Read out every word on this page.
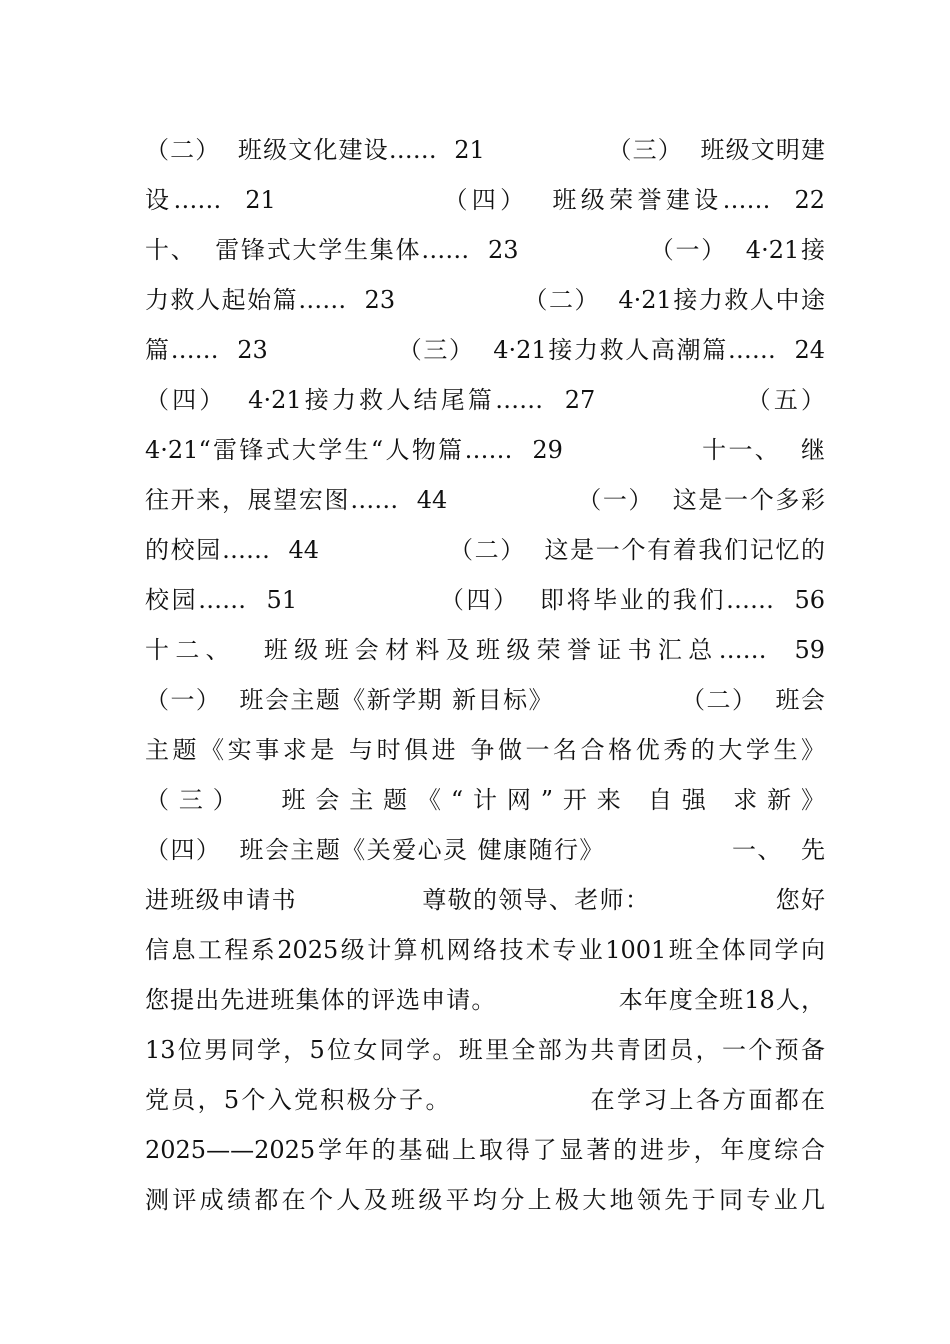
（二）  班级文化建设……  21              （三）  班级文明建
设……  21              （四）  班级荣誉建设……  22
十、  雷锋式大学生集体……  23              （一）  4·21接
力救人起始篇……  23              （二）  4·21接力救人中途
篇……  23              （三）  4·21接力救人高潮篇……  24
（四）  4·21接力救人结尾篇……  27              （五）
4·21“雷锋式大学生“人物篇……  29              十一、  继
往开来，展望宏图……  44              （一）  这是一个多彩
的校园……  44              （二）  这是一个有着我们记忆的
校园……  51              （四）  即将毕业的我们……  56
十二、  班级班会材料及班级荣誉证书汇总……  59
（一）  班会主题《新学期 新目标》              （二）  班会
主题《实事求是 与时俱进 争做一名合格优秀的大学生》
（三）  班会主题《“计网”开来 自强 求新》
（四）  班会主题《关爱心灵 健康随行》              一、  先
进班级申请书              尊敬的领导、老师：              您好
信息工程系2025级计算机网络技术专业1001班全体同学向
您提出先进班集体的评选申请。              本年度全班18人，
13位男同学，5位女同学。班里全部为共青团员，一个预备
党员，5个入党积极分子。              在学习上各方面都在
2025——2025学年的基础上取得了显著的进步，年度综合
测评成绩都在个人及班级平均分上极大地领先于同专业几
